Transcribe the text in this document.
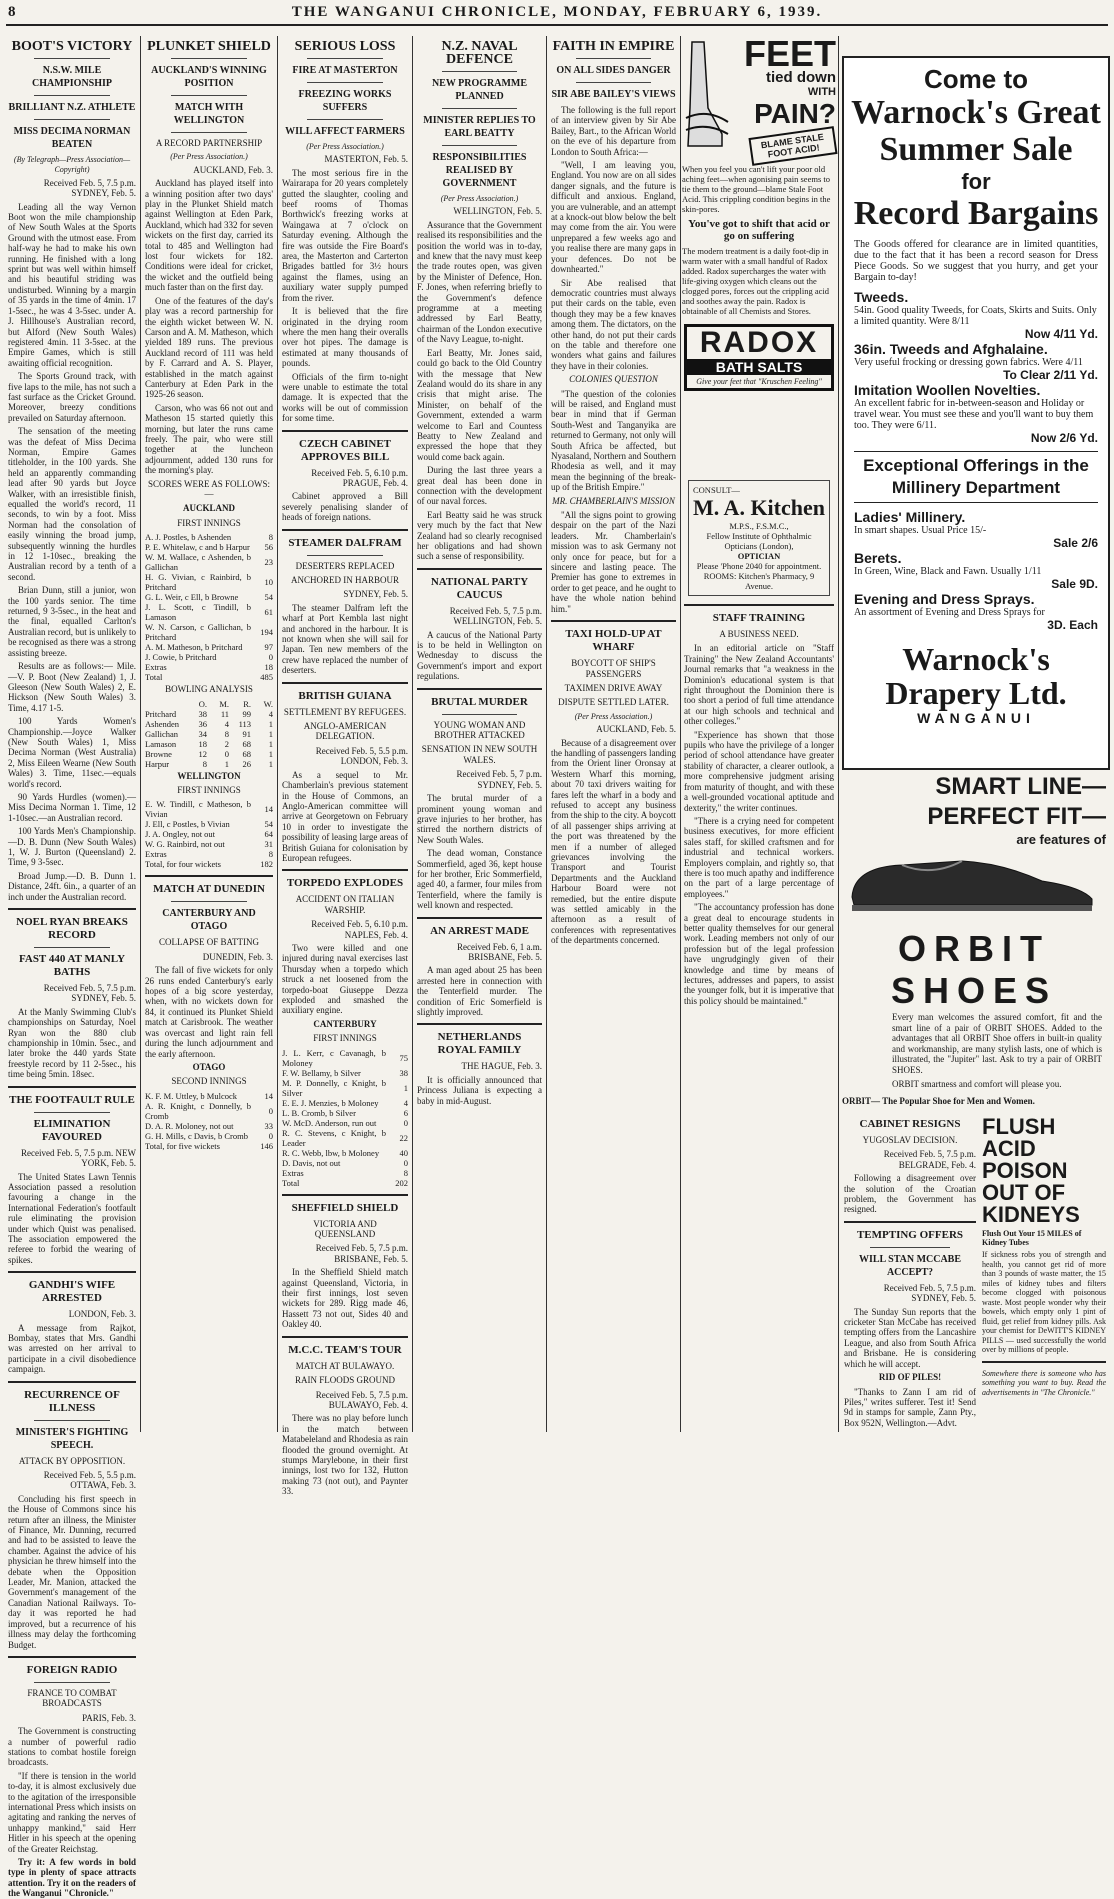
8	THE WANGANUI CHRONICLE, MONDAY, FEBRUARY 6, 1939.
BOOT'S VICTORY
N.S.W. MILE CHAMPIONSHIP
BRILLIANT N.Z. ATHLETE
MISS DECIMA NORMAN BEATEN
(By Telegraph—Press Association—Copyright)
Received Feb. 5, 7.5 p.m. SYDNEY, Feb. 5.

Leading all the way Vernon Boot won the mile championship of New South Wales at the Sports Ground with the utmost ease. From half-way he had to make his own running. He finished with a long sprint but was well within himself and his beautiful striding was undisturbed. Winning by a margin of 35 yards in the time of 4min. 17 1-5sec., he was 4 3-5sec. under A. J. Hillhouse's Australian record, but Alford (New South Wales) registered 4min. 11 3-5sec. at the Empire Games, which is still awaiting official recognition.

The Sports Ground track, with five laps to the mile, has not such a fast surface as the Cricket Ground. Moreover, breezy conditions prevailed on Saturday afternoon.

The sensation of the meeting was the defeat of Miss Decima Norman, Empire Games titleholder, in the 100 yards. She held an apparently commanding lead after 90 yards but Joyce Walker, with an irresistible finish, equalled the world's record, 11 seconds, to win by a foot. Miss Norman had the consolation of easily winning the broad jump, subsequently winning the hurdles in 12 1-10sec., breaking the Australian record by a tenth of a second.

Brian Dunn, still a junior, won the 100 yards senior. The time returned, 9 3-5sec., in the heat and the final, equalled Carlton's Australian record, but is unlikely to be recognised as there was a strong assisting breeze.

Results are as follows:— Mile.—V. P. Boot (New Zealand) 1, J. Gleeson (New South Wales) 2, E. Hickson (New South Wales) 3. Time, 4.17 1-5.

100 Yards Women's Championship.—Joyce Walker (New South Wales) 1, Miss Decima Norman (West Australia) 2, Miss Eileen Wearne (New South Wales) 3. Time, 11sec.—equals world's record.

90 Yards Hurdles (women).—Miss Decima Norman 1. Time, 12 1-10sec.—an Australian record.

100 Yards Men's Championship.—D. B. Dunn (New South Wales) 1, W. J. Burton (Queensland) 2. Time, 9 3-5sec.

Broad Jump.—D. B. Dunn 1. Distance, 24ft. 6in., a quarter of an inch under the Australian record.

NOEL RYAN BREAKS RECORD
FAST 440 AT MANLY BATHS
Received Feb. 5, 7.5 p.m. SYDNEY, Feb. 5.

At the Manly Swimming Club's championships on Saturday, Noel Ryan won the 880 club championship in 10min. 5sec., and later broke the 440 yards State freestyle record by 11 2-5sec., his time being 5min. 18sec.

THE FOOTFAULT RULE
ELIMINATION FAVOURED
Received Feb. 5, 7.5 p.m. NEW YORK, Feb. 5.

The United States Lawn Tennis Association passed a resolution favouring a change in the International Federation's footfault rule eliminating the provision under which Quist was penalised. The association empowered the referee to forbid the wearing of spikes.

GANDHI'S WIFE ARRESTED
LONDON, Feb. 3.

A message from Rajkot, Bombay, states that Mrs. Gandhi was arrested on her arrival to participate in a civil disobedience campaign.

RECURRENCE OF ILLNESS
MINISTER'S FIGHTING SPEECH.
ATTACK BY OPPOSITION.
Received Feb. 5, 5.5 p.m. OTTAWA, Feb. 3.

Concluding his first speech in the House of Commons since his return after an illness, the Minister of Finance, Mr. Dunning, recurred and had to be assisted to leave the chamber. Against the advice of his physician he threw himself into the debate when the Opposition Leader, Mr. Manion, attacked the Government's management of the Canadian National Railways. To-day it was reported he had improved, but a recurrence of his illness may delay the forthcoming Budget.

FOREIGN RADIO
FRANCE TO COMBAT BROADCASTS
PARIS, Feb. 3.

The Government is constructing a number of powerful radio stations to combat hostile foreign broadcasts.

"If there is tension in the world to-day, it is almost exclusively due to the agitation of the irresponsible international Press which insists on agitating and ranking the nerves of unhappy mankind," said Herr Hitler in his speech at the opening of the Greater Reichstag.

Try it: A few words in bold type in plenty of space attracts attention. Try it on the readers of the Wanganui "Chronicle."

PLUNKET SHIELD
AUCKLAND'S WINNING POSITION
MATCH WITH WELLINGTON
A RECORD PARTNERSHIP
(Per Press Association.)
AUCKLAND, Feb. 3.

Auckland has played itself into a winning position after two days' play in the Plunket Shield match against Wellington at Eden Park, Auckland, which had 332 for seven wickets on the first day, carried its total to 485 and Wellington had lost four wickets for 182. Conditions were ideal for cricket, the wicket and the outfield being much faster than on the first day.

One of the features of the day's play was a record partnership for the eighth wicket between W. N. Carson and A. M. Matheson, which yielded 189 runs. The previous Auckland record of 111 was held by F. Carrard and A. S. Player, established in the match against Canterbury at Eden Park in the 1925-26 season.

Carson, who was 66 not out and Matheson 15 started quietly this morning, but later the runs came freely. The pair, who were still together at the luncheon adjournment, added 130 runs for the morning's play.

SCORES WERE AS FOLLOWS:—
AUCKLAND
FIRST INNINGS
A. J. Postles, b Ashenden	8
P. E. Whitelaw, c and b Harpur	56
W. M. Wallace, c Ashenden, b Gallichan	23
H. G. Vivian, c Rainbird, b Pritchard	10
G. L. Weir, c Ell, b Browne	54
J. L. Scott, c Tindill, b Lamason	61
W. N. Carson, c Gallichan, b Pritchard	194
A. M. Matheson, b Pritchard	97
J. Cowie, b Pritchard	0
Extras	18
Total	485
BOWLING ANALYSIS
	O.	M.	R.	W.
Pritchard	38	11	99	4
Ashenden	36	4	113	1
Gallichan	34	8	91	1
Lamason	18	2	68	1
Browne	12	0	68	1
Harpur	8	1	26	1
WELLINGTON
FIRST INNINGS
E. W. Tindill, c Matheson, b Vivian	14
J. Ell, c Postles, b Vivian	54
J. A. Ongley, not out	64
W. G. Rainbird, not out	31
Extras	8
Total, for four wickets	182
MATCH AT DUNEDIN
CANTERBURY AND OTAGO
COLLAPSE OF BATTING
DUNEDIN, Feb. 3.

The fall of five wickets for only 26 runs ended Canterbury's early hopes of a big score yesterday, when, with no wickets down for 84, it continued its Plunket Shield match at Carisbrook. The weather was overcast and light rain fell during the lunch adjournment and the early afternoon.

OTAGO
SECOND INNINGS
K. F. M. Uttley, b Mulcock	14
A. R. Knight, c Donnelly, b Cromb	0
D. A. R. Moloney, not out	33
G. H. Mills, c Davis, b Cromb	0
Total, for five wickets	146
SERIOUS LOSS
FIRE AT MASTERTON
FREEZING WORKS SUFFERS
WILL AFFECT FARMERS
(Per Press Association.)
MASTERTON, Feb. 5.

The most serious fire in the Wairarapa for 20 years completely gutted the slaughter, cooling and beef rooms of Thomas Borthwick's freezing works at Waingawa at 7 o'clock on Saturday evening. Although the fire was outside the Fire Board's area, the Masterton and Carterton Brigades battled for 3½ hours against the flames, using an auxiliary water supply pumped from the river.

It is believed that the fire originated in the drying room where the men hang their overalls over hot pipes. The damage is estimated at many thousands of pounds.

Officials of the firm to-night were unable to estimate the total damage. It is expected that the works will be out of commission for some time.

CZECH CABINET APPROVES BILL
Received Feb. 5, 6.10 p.m. PRAGUE, Feb. 4.

Cabinet approved a Bill severely penalising slander of heads of foreign nations.

STEAMER DALFRAM
DESERTERS REPLACED
ANCHORED IN HARBOUR
SYDNEY, Feb. 5.

The steamer Dalfram left the wharf at Port Kembla last night and anchored in the harbour. It is not known when she will sail for Japan. Ten new members of the crew have replaced the number of deserters.

BRITISH GUIANA
SETTLEMENT BY REFUGEES.
ANGLO-AMERICAN DELEGATION.
Received Feb. 5, 5.5 p.m. LONDON, Feb. 3.

As a sequel to Mr. Chamberlain's previous statement in the House of Commons, an Anglo-American committee will arrive at Georgetown on February 10 in order to investigate the possibility of leasing large areas of British Guiana for colonisation by European refugees.

TORPEDO EXPLODES
ACCIDENT ON ITALIAN WARSHIP.
Received Feb. 5, 6.10 p.m. NAPLES, Feb. 4.

Two were killed and one injured during naval exercises last Thursday when a torpedo which struck a net loosened from the torpedo-boat Giuseppe Dezza exploded and smashed the auxiliary engine.

CANTERBURY
FIRST INNINGS
J. L. Kerr, c Cavanagh, b Moloney	75
F. W. Bellamy, b Silver	38
M. P. Donnelly, c Knight, b Silver	1
E. E. J. Menzies, b Moloney	4
L. B. Cromb, b Silver	6
W. McD. Anderson, run out	0
R. C. Stevens, c Knight, b Leader	22
R. C. Webb, lbw, b Moloney	40
D. Davis, not out	0
Extras	8
Total	202
SHEFFIELD SHIELD
VICTORIA AND QUEENSLAND
Received Feb. 5, 7.5 p.m. BRISBANE, Feb. 5.

In the Sheffield Shield match against Queensland, Victoria, in their first innings, lost seven wickets for 289. Rigg made 46, Hassett 73 not out, Sides 40 and Oakley 40.

M.C.C. TEAM'S TOUR
MATCH AT BULAWAYO.
RAIN FLOODS GROUND
Received Feb. 5, 7.5 p.m. BULAWAYO, Feb. 4.

There was no play before lunch in the match between Matabeleland and Rhodesia as rain flooded the ground overnight. At stumps Marylebone, in their first innings, lost two for 132, Hutton making 73 (not out), and Paynter 33.

N.Z. NAVAL DEFENCE
NEW PROGRAMME PLANNED
MINISTER REPLIES TO EARL BEATTY
RESPONSIBILITIES REALISED BY GOVERNMENT
(Per Press Association.)
WELLINGTON, Feb. 5.

Assurance that the Government realised its responsibilities and the position the world was in to-day, and knew that the navy must keep the trade routes open, was given by the Minister of Defence, Hon. F. Jones, when referring briefly to the Government's defence programme at a meeting addressed by Earl Beatty, chairman of the London executive of the Navy League, to-night.

Earl Beatty, Mr. Jones said, could go back to the Old Country with the message that New Zealand would do its share in any crisis that might arise. The Minister, on behalf of the Government, extended a warm welcome to Earl and Countess Beatty to New Zealand and expressed the hope that they would come back again.

During the last three years a great deal has been done in connection with the development of our naval forces.

Earl Beatty said he was struck very much by the fact that New Zealand had so clearly recognised her obligations and had shown such a sense of responsibility.

NATIONAL PARTY CAUCUS
Received Feb. 5, 7.5 p.m. WELLINGTON, Feb. 5.

A caucus of the National Party is to be held in Wellington on Wednesday to discuss the Government's import and export regulations.

BRUTAL MURDER
YOUNG WOMAN AND BROTHER ATTACKED
SENSATION IN NEW SOUTH WALES.
Received Feb. 5, 7 p.m. SYDNEY, Feb. 5.

The brutal murder of a prominent young woman and grave injuries to her brother, has stirred the northern districts of New South Wales.

The dead woman, Constance Sommerfield, aged 36, kept house for her brother, Eric Sommerfield, aged 40, a farmer, four miles from Tenterfield, where the family is well known and respected.

AN ARREST MADE
Received Feb. 6, 1 a.m. BRISBANE, Feb. 5.

A man aged about 25 has been arrested here in connection with the Tenterfield murder. The condition of Eric Somerfield is slightly improved.

NETHERLANDS ROYAL FAMILY
THE HAGUE, Feb. 3.

It is officially announced that Princess Juliana is expecting a baby in mid-August.

FAITH IN EMPIRE
ON ALL SIDES DANGER
SIR ABE BAILEY'S VIEWS

The following is the full report of an interview given by Sir Abe Bailey, Bart., to the African World on the eve of his departure from London to South Africa:—

"Well, I am leaving you, England. You now are on all sides danger signals, and the future is difficult and anxious. England, you are vulnerable, and an attempt at a knock-out blow below the belt may come from the air. You were unprepared a few weeks ago and you realise there are many gaps in your defences. Do not be downhearted."

Sir Abe realised that democratic countries must always put their cards on the table, even though they may be a few knaves among them. The dictators, on the other hand, do not put their cards on the table and therefore one wonders what gains and failures they have in their colonies.

COLONIES QUESTION

"The question of the colonies will be raised, and England must bear in mind that if German South-West and Tanganyika are returned to Germany, not only will South Africa be affected, but Nyasaland, Northern and Southern Rhodesia as well, and it may mean the beginning of the break-up of the British Empire."

MR. CHAMBERLAIN'S MISSION

"All the signs point to growing despair on the part of the Nazi leaders. Mr. Chamberlain's mission was to ask Germany not only once for peace, but for a sincere and lasting peace. The Premier has gone to extremes in order to get peace, and he ought to have the whole nation behind him."

TAXI HOLD-UP AT WHARF
BOYCOTT OF SHIP'S PASSENGERS
TAXIMEN DRIVE AWAY
DISPUTE SETTLED LATER.
(Per Press Association.)
AUCKLAND, Feb. 5.

Because of a disagreement over the handling of passengers landing from the Orient liner Oronsay at Western Wharf this morning, about 70 taxi drivers waiting for fares left the wharf in a body and refused to accept any business from the ship to the city. A boycott of all passenger ships arriving at the port was threatened by the men if a number of alleged grievances involving the Transport and Tourist Departments and the Auckland Harbour Board were not remedied, but the entire dispute was settled amicably in the afternoon as a result of conferences with representatives of the departments concerned.

FEET
tied down
WITH
PAIN?
BLAME STALE FOOT ACID!
When you feel you can't lift your poor old aching feet—when agonising pain seems to tie them to the ground—blame Stale Foot Acid. This crippling condition begins in the skin-pores.
You've got to shift that acid or go on suffering
The modern treatment is a daily foot-dip in warm water with a small handful of Radox added. Radox supercharges the water with life-giving oxygen which cleans out the clogged pores, forces out the crippling acid and soothes away the pain. Radox is obtainable of all Chemists and Stores.
RADOX
BATH SALTS
Give your feet that "Kruschen Feeling"
CONSULT—
M. A. Kitchen
M.P.S., F.S.M.C.,
Fellow Institute of Ophthalmic Opticians (London),
OPTICIAN
Please 'Phone 2040 for appointment.
ROOMS: Kitchen's Pharmacy, 9 Avenue.
STAFF TRAINING
A BUSINESS NEED.

In an editorial article on "Staff Training" the New Zealand Accountants' Journal remarks that "a weakness in the Dominion's educational system is that right throughout the Dominion there is too short a period of full time attendance at our high schools and technical and other colleges."

"Experience has shown that those pupils who have the privilege of a longer period of school attendance have greater stability of character, a clearer outlook, a more comprehensive judgment arising from maturity of thought, and with these a well-grounded vocational aptitude and dexterity," the writer continues.

"There is a crying need for competent business executives, for more efficient sales staff, for skilled craftsmen and for industrial and technical workers. Employers complain, and rightly so, that there is too much apathy and indifference on the part of a large percentage of employees."

"The accountancy profession has done a great deal to encourage students in better quality themselves for our general work. Leading members not only of our profession but of the legal profession have ungrudgingly given of their knowledge and time by means of lectures, addresses and papers, to assist the younger folk, but it is imperative that this policy should be maintained."

Come to
Warnock's Great
Summer Sale
for
Record Bargains
The Goods offered for clearance are in limited quantities, due to the fact that it has been a record season for Dress Piece Goods. So we suggest that you hurry, and get your Bargain to-day!
Tweeds.
54in. Good quality Tweeds, for Coats, Skirts and Suits. Only a limited quantity. Were 8/11
Now 4/11 Yd.
36in. Tweeds and Afghalaine.
Very useful frocking or dressing gown fabrics. Were 4/11
To Clear 2/11 Yd.
Imitation Woollen Novelties.
An excellent fabric for in-between-season and Holiday or travel wear. You must see these and you'll want to buy them too. They were 6/11.
Now 2/6 Yd.
Exceptional Offerings in the Millinery Department
Ladies' Millinery.
In smart shapes. Usual Price 15/-
Sale 2/6
Berets.
In Green, Wine, Black and Fawn. Usually 1/11
Sale 9D.
Evening and Dress Sprays.
An assortment of Evening and Dress Sprays for
3D. Each
Warnock's Drapery Ltd.
WANGANUI
SMART LINE—
PERFECT FIT—
are features of
ORBIT SHOES
Every man welcomes the assured comfort, fit and the smart line of a pair of ORBIT SHOES. Added to the advantages that all ORBIT Shoe offers in built-in quality and workmanship, are many stylish lasts, one of which is illustrated, the "Jupiter" last. Ask to try a pair of ORBIT SHOES.
ORBIT smartness and comfort will please you.
ORBIT— The Popular Shoe for Men and Women.
CABINET RESIGNS
YUGOSLAV DECISION.
Received Feb. 5, 7.5 p.m. BELGRADE, Feb. 4.

Following a disagreement over the solution of the Croatian problem, the Government has resigned.

TEMPTING OFFERS
WILL STAN MCCABE ACCEPT?
Received Feb. 5, 7.5 p.m. SYDNEY, Feb. 5.

The Sunday Sun reports that the cricketer Stan McCabe has received tempting offers from the Lancashire League, and also from South Africa and Brisbane. He is considering which he will accept.

RID OF PILES!

"Thanks to Zann I am rid of Piles," writes sufferer. Test it! Send 9d in stamps for sample, Zann Pty., Box 952N, Wellington.—Advt.

FLUSH ACID POISON OUT OF KIDNEYS
Flush Out Your 15 MILES of Kidney Tubes
If sickness robs you of strength and health, you cannot get rid of more than 3 pounds of waste matter, the 15 miles of kidney tubes and filters become clogged with poisonous waste. Most people wonder why their bowels, which empty only 1 pint of fluid, get relief from kidney pills. Ask your chemist for DeWITT'S KIDNEY PILLS — used successfully the world over by millions of people.
Somewhere there is someone who has something you want to buy. Read the advertisements in "The Chronicle."
